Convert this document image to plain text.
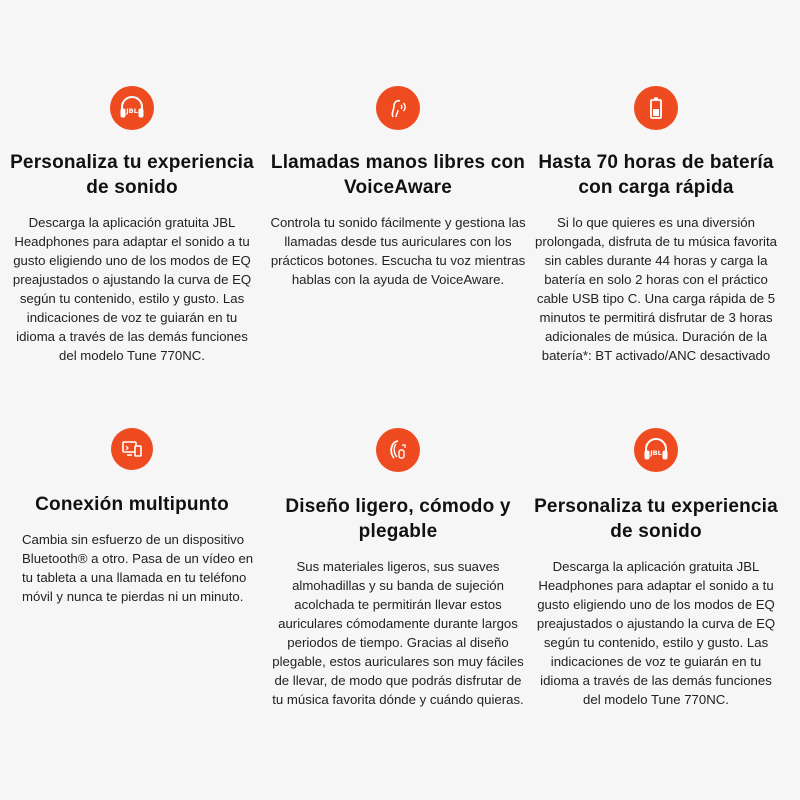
JBL
Personaliza tu experiencia de sonido

Descarga la aplicación gratuita JBL Headphones para adaptar el sonido a tu gusto eligiendo uno de los modos de EQ preajustados o ajustando la curva de EQ según tu contenido, estilo y gusto. Las indicaciones de voz te guiarán en tu idioma a través de las demás funciones del modelo Tune 770NC.

Llamadas manos libres con VoiceAware

Controla tu sonido fácilmente y gestiona las llamadas desde tus auriculares con los prácticos botones. Escucha tu voz mientras hablas con la ayuda de VoiceAware.

Hasta 70 horas de batería con carga rápida

Si lo que quieres es una diversión prolongada, disfruta de tu música favorita sin cables durante 44 horas y carga la batería en solo 2 horas con el práctico cable USB tipo C. Una carga rápida de 5 minutos te permitirá disfrutar de 3 horas adicionales de música. Duración de la batería*: BT activado/ANC desactivado

Conexión multipunto

Cambia sin esfuerzo de un dispositivo Bluetooth® a otro. Pasa de un vídeo en tu tableta a una llamada en tu teléfono móvil y nunca te pierdas ni un minuto.

Diseño ligero, cómodo y plegable

Sus materiales ligeros, sus suaves almohadillas y su banda de sujeción acolchada te permitirán llevar estos auriculares cómodamente durante largos periodos de tiempo. Gracias al diseño plegable, estos auriculares son muy fáciles de llevar, de modo que podrás disfrutar de tu música favorita dónde y cuándo quieras.

JBL
Personaliza tu experiencia de sonido

Descarga la aplicación gratuita JBL Headphones para adaptar el sonido a tu gusto eligiendo uno de los modos de EQ preajustados o ajustando la curva de EQ según tu contenido, estilo y gusto. Las indicaciones de voz te guiarán en tu idioma a través de las demás funciones del modelo Tune 770NC.
